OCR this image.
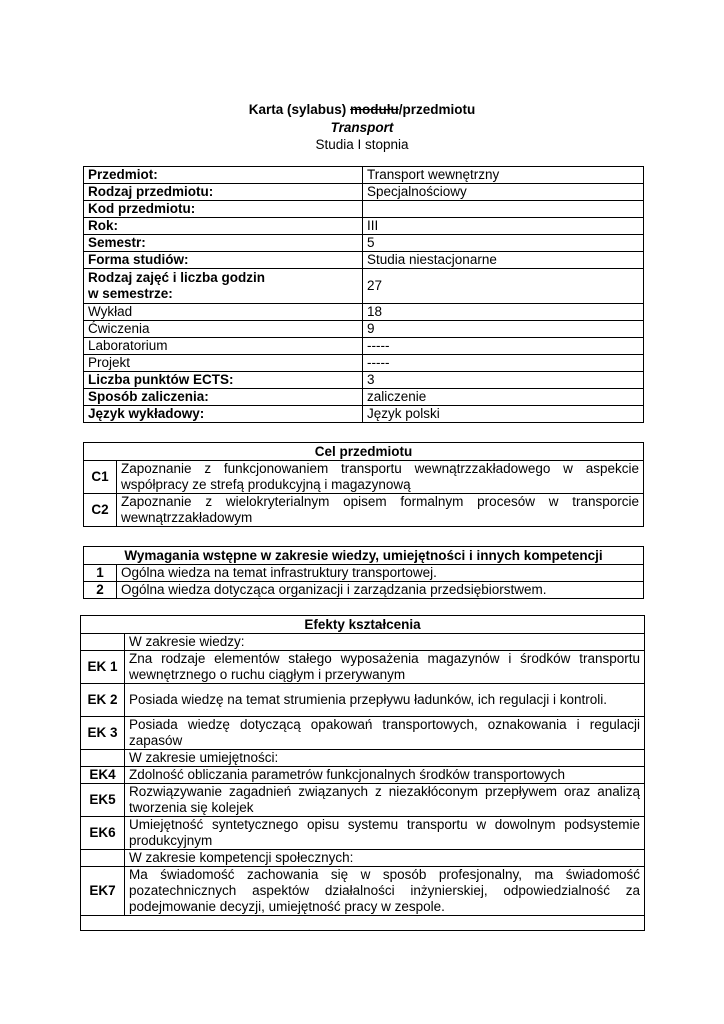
Karta (sylabus) modułu/przedmiotu
Transport
Studia I stopnia
Przedmiot:	Transport wewnętrzny
Rodzaj przedmiotu:	Specjalnościowy
Kod przedmiotu:	
Rok:	III
Semestr:	5
Forma studiów:	Studia niestacjonarne
Rodzaj zajęć i liczba godzin
w semestrze:	27
Wykład	18
Ćwiczenia	9
Laboratorium	-----
Projekt	-----
Liczba punktów ECTS:	3
Sposób zaliczenia:	zaliczenie
Język wykładowy:	Język polski
Cel przedmiotu	
C1	Zapoznanie z funkcjonowaniem transportu wewnątrzzakładowego w aspekcie współpracy ze strefą produkcyjną i magazynową
C2	Zapoznanie z wielokryterialnym opisem formalnym procesów w transporcie wewnątrzzakładowym
Wymagania wstępne w zakresie wiedzy, umiejętności i innych kompetencji	
1	Ogólna wiedza na temat infrastruktury transportowej.
2	Ogólna wiedza dotycząca organizacji i zarządzania przedsiębiorstwem.
Efekty kształcenia	
	W zakresie wiedzy:
EK 1	Zna rodzaje elementów stałego wyposażenia magazynów i środków transportu wewnętrznego o ruchu ciągłym i przerywanym
EK 2	Posiada wiedzę na temat strumienia przepływu ładunków, ich regulacji i kontroli.
EK 3	Posiada wiedzę dotyczącą opakowań transportowych, oznakowania i regulacji zapasów
	W zakresie umiejętności:
EK4	Zdolność obliczania parametrów funkcjonalnych środków transportowych
EK5	Rozwiązywanie zagadnień związanych z niezakłóconym przepływem oraz analizą tworzenia się kolejek
EK6	Umiejętność syntetycznego opisu systemu transportu w dowolnym podsystemie produkcyjnym
	W zakresie kompetencji społecznych:
EK7	Ma świadomość zachowania się w sposób profesjonalny, ma świadomość pozatechnicznych aspektów działalności inżynierskiej, odpowiedzialność za podejmowanie decyzji, umiejętność pracy w zespole.
